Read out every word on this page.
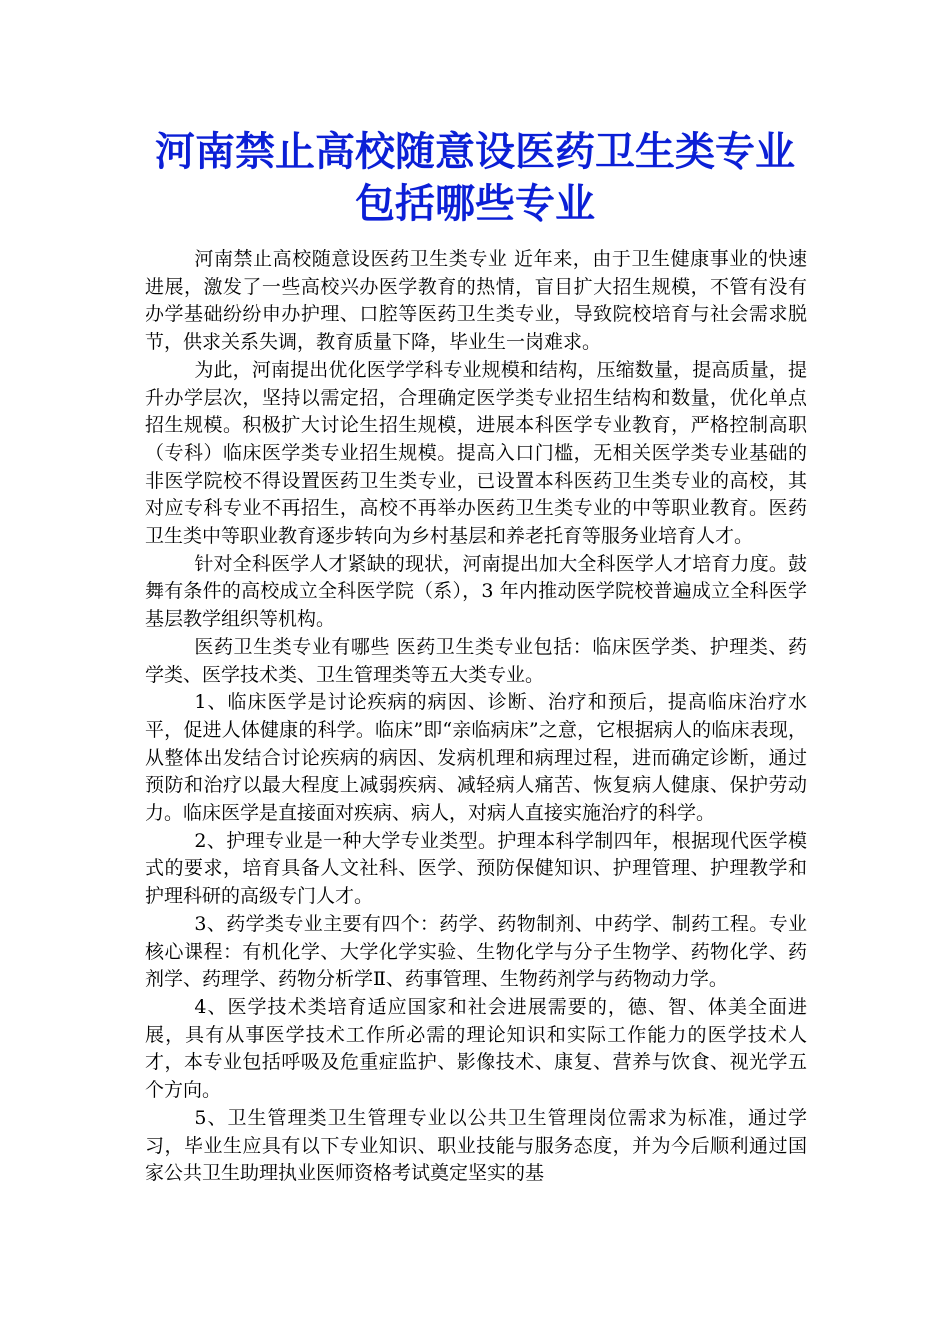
河南禁止高校随意设医药卫生类专业 包括哪些专业

河南禁止高校随意设医药卫生类专业 近年来，由于卫生健康事业的快速进展，激发了一些高校兴办医学教育的热情，盲目扩大招生规模，不管有没有办学基础纷纷申办护理、口腔等医药卫生类专业，导致院校培育与社会需求脱节，供求关系失调，教育质量下降，毕业生一岗难求。

为此，河南提出优化医学学科专业规模和结构，压缩数量，提高质量，提升办学层次，坚持以需定招，合理确定医学类专业招生结构和数量，优化单点招生规模。积极扩大讨论生招生规模，进展本科医学专业教育，严格控制高职（专科）临床医学类专业招生规模。提高入口门槛，无相关医学类专业基础的非医学院校不得设置医药卫生类专业，已设置本科医药卫生类专业的高校，其对应专科专业不再招生，高校不再举办医药卫生类专业的中等职业教育。医药卫生类中等职业教育逐步转向为乡村基层和养老托育等服务业培育人才。

针对全科医学人才紧缺的现状，河南提出加大全科医学人才培育力度。鼓舞有条件的高校成立全科医学院（系），3 年内推动医学院校普遍成立全科医学基层教学组织等机构。

医药卫生类专业有哪些 医药卫生类专业包括：临床医学类、护理类、药学类、医学技术类、卫生管理类等五大类专业。

1、临床医学是讨论疾病的病因、诊断、治疗和预后，提高临床治疗水平，促进人体健康的科学。临床”即“亲临病床”之意，它根据病人的临床表现，从整体出发结合讨论疾病的病因、发病机理和病理过程，进而确定诊断，通过预防和治疗以最大程度上减弱疾病、减轻病人痛苦、恢复病人健康、保护劳动力。临床医学是直接面对疾病、病人，对病人直接实施治疗的科学。

2、护理专业是一种大学专业类型。护理本科学制四年，根据现代医学模式的要求，培育具备人文社科、医学、预防保健知识、护理管理、护理教学和护理科研的高级专门人才。

3、药学类专业主要有四个：药学、药物制剂、中药学、制药工程。专业核心课程：有机化学、大学化学实验、生物化学与分子生物学、药物化学、药剂学、药理学、药物分析学Ⅱ、药事管理、生物药剂学与药物动力学。

4、医学技术类培育适应国家和社会进展需要的，德、智、体美全面进展，具有从事医学技术工作所必需的理论知识和实际工作能力的医学技术人才，本专业包括呼吸及危重症监护、影像技术、康复、营养与饮食、视光学五个方向。

5、卫生管理类卫生管理专业以公共卫生管理岗位需求为标准，通过学习，毕业生应具有以下专业知识、职业技能与服务态度，并为今后顺利通过国家公共卫生助理执业医师资格考试奠定坚实的基
